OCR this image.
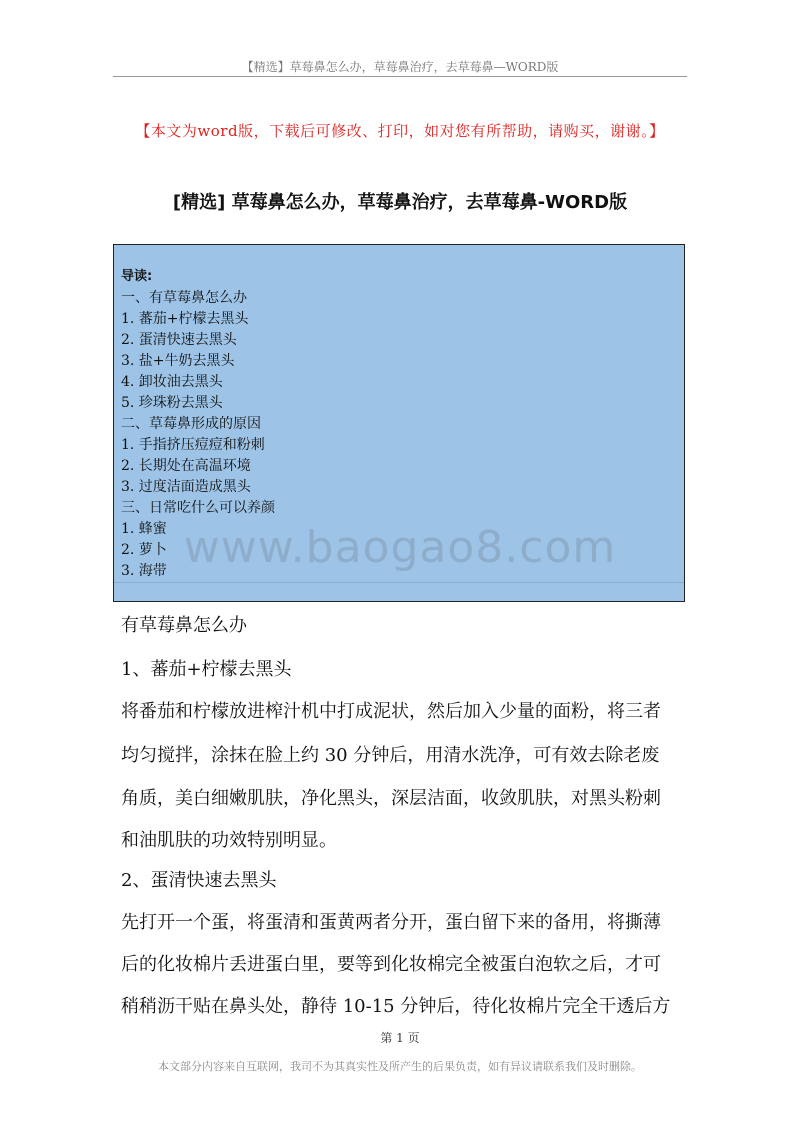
【精选】草莓鼻怎么办，草莓鼻治疗，去草莓鼻—WORD版
【本文为word版，下载后可修改、打印，如对您有所帮助，请购买，谢谢。】
[精选] 草莓鼻怎么办，草莓鼻治疗，去草莓鼻-WORD版
导读:
一、有草莓鼻怎么办
1. 蕃茄+柠檬去黑头
2. 蛋清快速去黑头
3. 盐+牛奶去黑头
4. 卸妆油去黑头
5. 珍珠粉去黑头
二、草莓鼻形成的原因
1. 手指挤压痘痘和粉刺
2. 长期处在高温环境
3. 过度洁面造成黑头
三、日常吃什么可以养颜
1. 蜂蜜
2. 萝卜
3. 海带 www.baogao8.com
有草莓鼻怎么办
1、蕃茄+柠檬去黑头
将番茄和柠檬放进榨汁机中打成泥状，然后加入少量的面粉，将三者
均匀搅拌，涂抹在脸上约 30 分钟后，用清水洗净，可有效去除老废
角质，美白细嫩肌肤，净化黑头，深层洁面，收敛肌肤，对黑头粉刺
和油肌肤的功效特别明显。
2、蛋清快速去黑头
先打开一个蛋，将蛋清和蛋黄两者分开，蛋白留下来的备用，将撕薄
后的化妆棉片丢进蛋白里，要等到化妆棉完全被蛋白泡软之后，才可
稍稍沥干贴在鼻头处，静待 10-15 分钟后，待化妆棉片完全干透后方
第 1 页
本文部分内容来自互联网，我司不为其真实性及所产生的后果负责，如有异议请联系我们及时删除。
